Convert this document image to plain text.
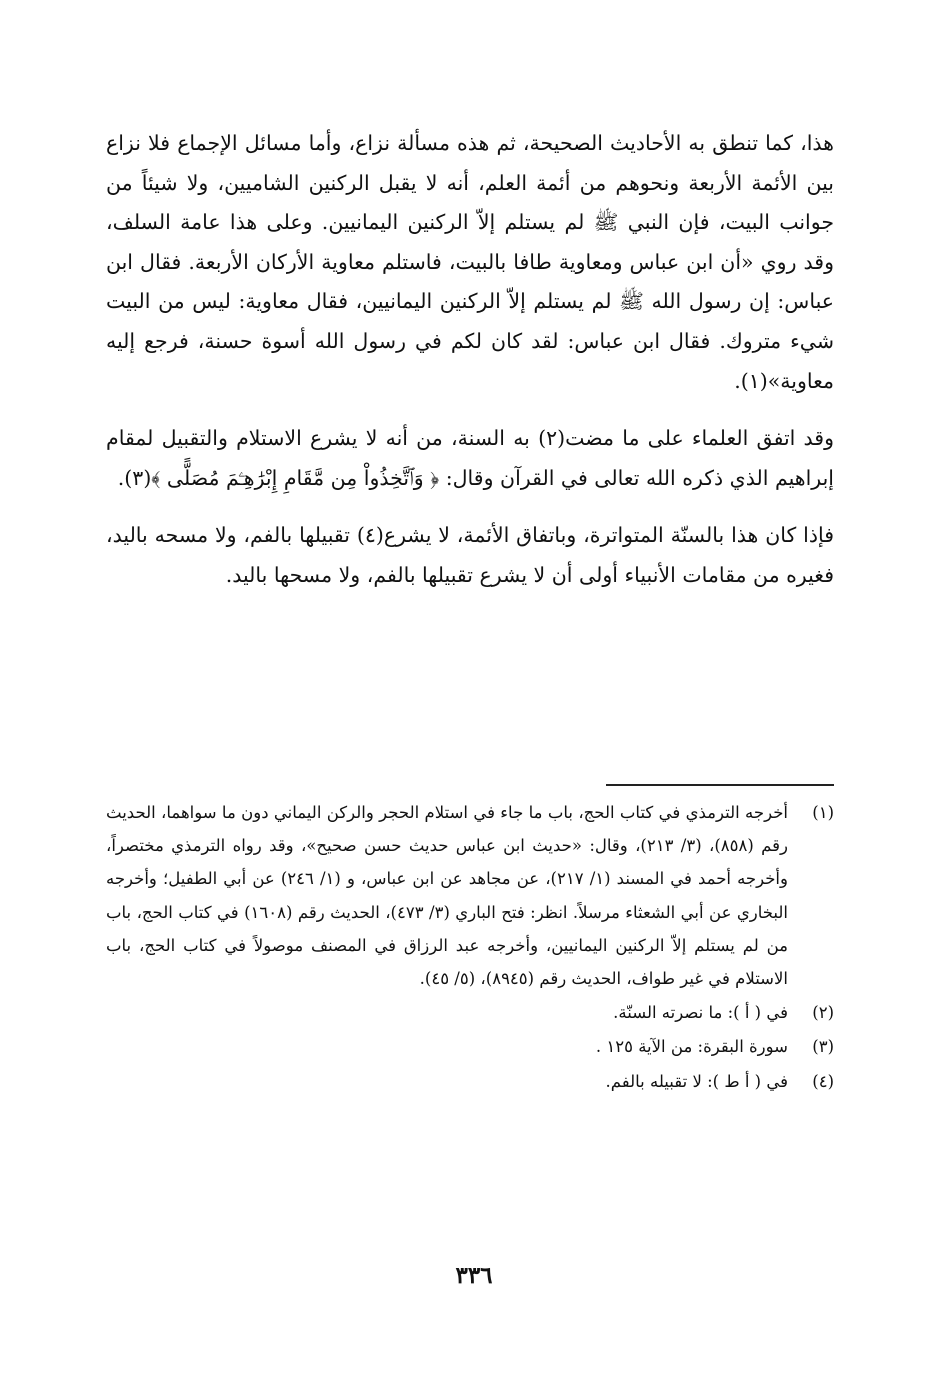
هذا، كما تنطق به الأحاديث الصحيحة، ثم هذه مسألة نزاع، وأما مسائل الإجماع فلا نزاع بين الأئمة الأربعة ونحوهم من أئمة العلم، أنه لا يقبل الركنين الشاميين، ولا شيئاً من جوانب البيت، فإن النبي ﷺ لم يستلم إلاّ الركنين اليمانيين. وعلى هذا عامة السلف، وقد روي «أن ابن عباس ومعاوية طافا بالبيت، فاستلم معاوية الأركان الأربعة. فقال ابن عباس: إن رسول الله ﷺ لم يستلم إلاّ الركنين اليمانيين، فقال معاوية: ليس من البيت شيء متروك. فقال ابن عباس: لقد كان لكم في رسول الله أسوة حسنة، فرجع إليه معاوية»(١).

وقد اتفق العلماء على ما مضت(٢) به السنة، من أنه لا يشرع الاستلام والتقبيل لمقام إبراهيم الذي ذكره الله تعالى في القرآن وقال: ﴿ وَٱتَّخِذُواْ مِن مَّقَامِ إِبْرَٰهِـۧمَ مُصَلًّى ﴾(٣).

فإذا كان هذا بالسنّة المتواترة، وباتفاق الأئمة، لا يشرع(٤) تقبيلها بالفم، ولا مسحه باليد، فغيره من مقامات الأنبياء أولى أن لا يشرع تقبيلها بالفم، ولا مسحها باليد.

(١)
أخرجه الترمذي في كتاب الحج، باب ما جاء في استلام الحجر والركن اليماني دون ما سواهما، الحديث رقم (٨٥٨)، (٣/ ٢١٣)، وقال: «حديث ابن عباس حديث حسن صحيح»، وقد رواه الترمذي مختصراً، وأخرجه أحمد في المسند (١/ ٢١٧)، عن مجاهد عن ابن عباس، و (١/ ٢٤٦) عن أبي الطفيل؛ وأخرجه البخاري عن أبي الشعثاء مرسلاً. انظر: فتح الباري (٣/ ٤٧٣)، الحديث رقم (١٦٠٨) في كتاب الحج، باب من لم يستلم إلاّ الركنين اليمانيين، وأخرجه عبد الرزاق في المصنف موصولاً في كتاب الحج، باب الاستلام في غير طواف، الحديث رقم (٨٩٤٥)، (٥/ ٤٥).
(٢)
في ( أ ): ما نصرته السنّة.
(٣)
سورة البقرة: من الآية ١٢٥ .
(٤)
في ( أ ط ): لا تقبيله بالفم.
٣٣٦
